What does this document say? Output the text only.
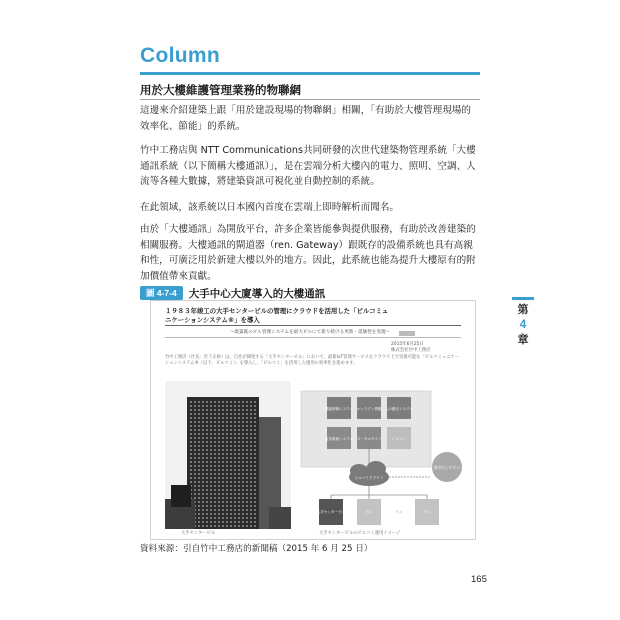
Column
用於大樓維護管理業務的物聯網

這邊來介紹建築上跟「用於建設現場的物聯網」相關，「有助於大樓管理現場的效率化、節能」的系統。

竹中工務店與 NTT Communications共同研發的次世代建築物管理系統「大樓通訊系統（以下簡稱大樓通訊）」，是在雲端分析大樓內的電力、照明、空調、人流等各種大數據，將建築資訊可視化並自動控制的系統。

在此領域，該系統以日本國內首度在雲端上即時解析而聞名。

由於「大樓通訊」為開放平台，許多企業皆能參與提供服務，有助於改善建築的相關服務。大樓通訊的閘道器（ren. Gateway）跟既存的設備系統也具有高親和性，可廣泛用於新建大樓以外的地方。因此，此系統也能為提升大樓原有的附加價值帶來貢獻。

圖 4-7-4	大手中心大廈導入的大樓通訊
１９８３年竣工の大手センタービルの管理にクラウドを活用した「ビルコミュニケーションシステム®」を導入
～既築既のビル管理システムを最大ビルにて新り続ける更新・延価性を実現～
2015年6月25日
株式会社竹中工務店
竹中工務店（社長：宮下正裕）は、自社が開発する「大手センタービル」において、最新IoT管理サービスをクラウド上で実現可能な「ビルコミュニケーションシステム®（以下、ビルコミ）」を導入し、「ビルコミ」を活用した運用の効率化を進めます。
大手センタービル
機器制御システム オンライン情報 人の動きシステム
電気系統システム ボータルサイト	ビルコミ
ビルコミクラウド
保守がしやすい
大手センタービル	ビル	ビル
ビル
大手センタービルのビルコミ運用イメージ
資料來源：引自竹中工務店的新聞稿（2015 年 6 月 25 日）
165
第
4
章
